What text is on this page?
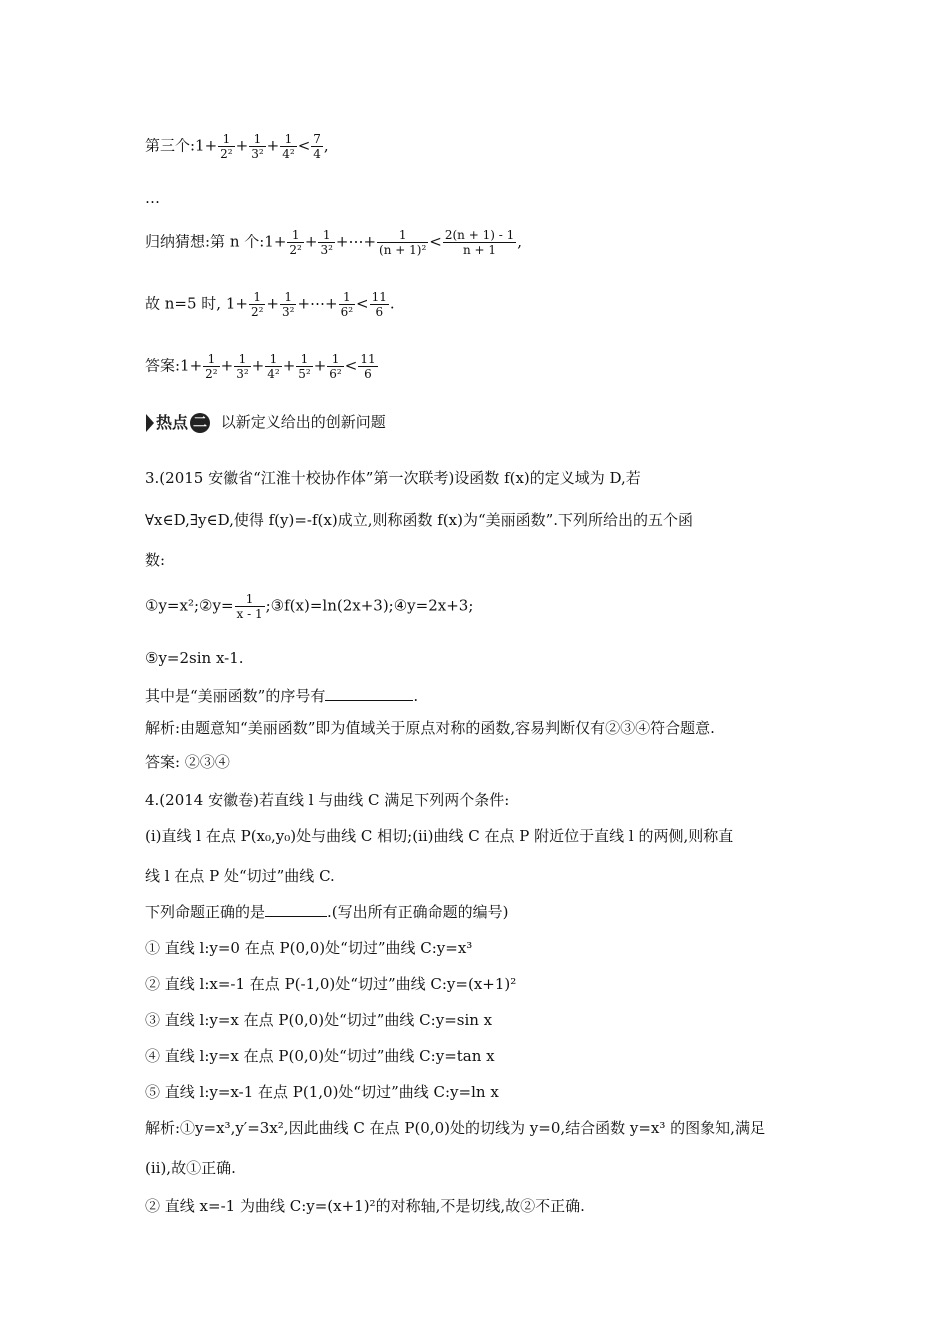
第三个:1+ $\frac{1}{\text{2²}} + \frac{1}{\text{3²}} + \frac{1}{\text{4²}} < \frac{7}{4}$ ,
…
归纳猜想:第 n 个:1+ $\frac{1}{\text{2²}} + \frac{1}{\text{3²}}$ +⋯+ $\frac{1}{\text{(n + 1)²}} < \frac{2(n + 1) - 1}{n + 1}$ ,
故 n=5 时, $1+ \frac{1}{\text{2²}} + \frac{1}{\text{3²}}$ +⋯+ $\frac{1}{\text{6²}} < \frac{11}{6}$ .
答案:1+ $\frac{1}{\text{2²}} + \frac{1}{\text{3²}} + \frac{1}{\text{4²}} + \frac{1}{\text{5²}} + \frac{1}{\text{6²}} < \frac{11}{6}$
热点 二 以新定义给出的创新问题
3.(2015 安徽省“江淮十校协作体”第一次联考)设函数 f(x)的定义域为 D,若
∀x∈D,∃y∈D,使得 f(y)=-f(x)成立,则称函数 f(x)为“美丽函数”.下列所给出的五个函
数:
①y=x²;②y= $\frac{1}{x - 1}$ ;③f(x)=ln(2x+3);④y=2x+3;
⑤y=2sin x-1.
其中是“美丽函数”的序号有	.
解析:由题意知“美丽函数”即为值域关于原点对称的函数,容易判断仅有②③④符合题意.
答案: ②③④
4.(2014 安徽卷)若直线 l 与曲线 C 满足下列两个条件:
(ⅰ)直线 l 在点 P(x₀,y₀)处与曲线 C 相切;(ⅱ)曲线 C 在点 P 附近位于直线 l 的两侧,则称直
线 l 在点 P 处“切过”曲线 C.
下列命题正确的是	.(写出所有正确命题的编号)
① 直线 l:y=0 在点 P(0,0)处“切过”曲线 C:y=x³
② 直线 l:x=-1 在点 P(-1,0)处“切过”曲线 C:y=(x+1)²
③ 直线 l:y=x 在点 P(0,0)处“切过”曲线 C:y=sin x
④ 直线 l:y=x 在点 P(0,0)处“切过”曲线 C:y=tan x
⑤ 直线 l:y=x-1 在点 P(1,0)处“切过”曲线 C:y=ln x
解析:①y=x³,y′=3x²,因此曲线 C 在点 P(0,0)处的切线为 y=0,结合函数 y=x³ 的图象知,满足
(ⅱ),故①正确.
② 直线 x=-1 为曲线 C:y=(x+1)²的对称轴,不是切线,故②不正确.
